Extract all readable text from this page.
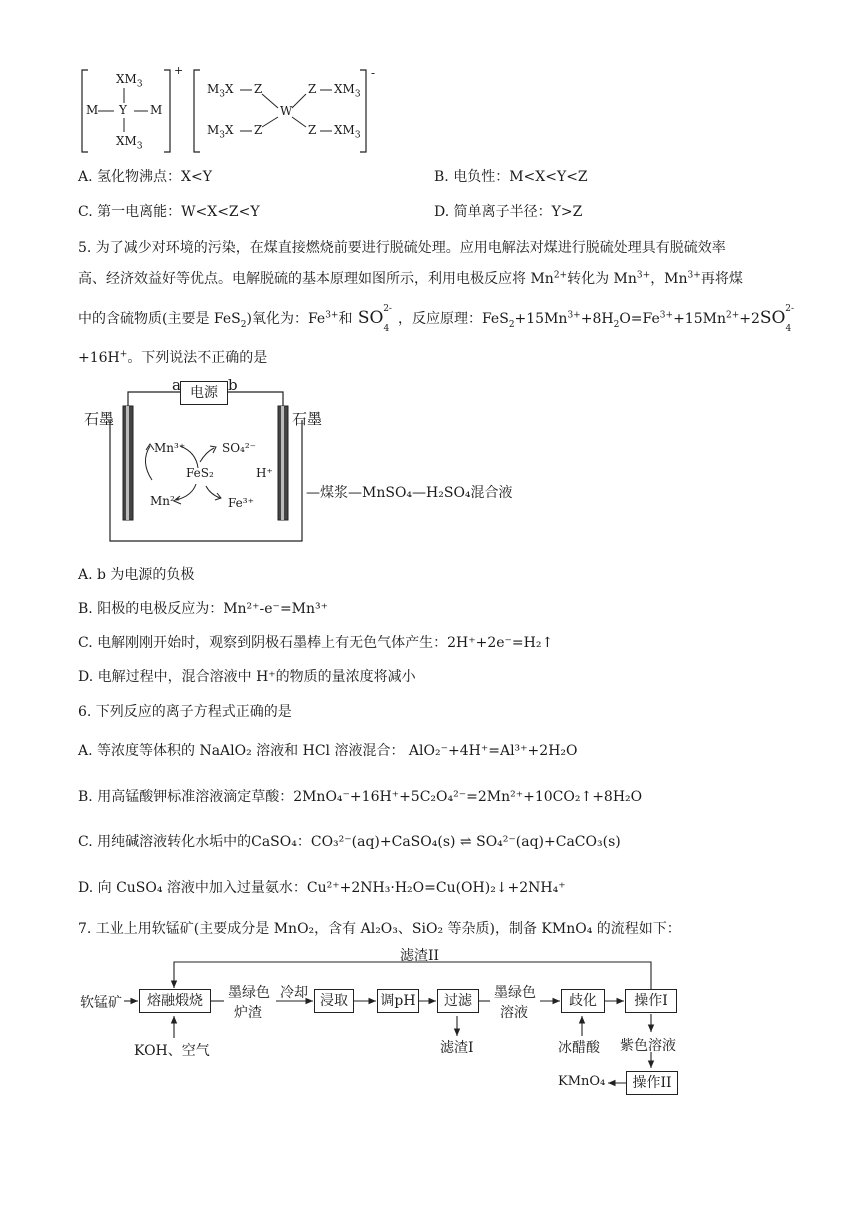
$XM_3$
M Y M
$XM_3$
+
$M_3X$
$M_3X$
Z
Z
W
Z
Z
$XM_3$
$XM_3$
-
A. 氢化物沸点：X<Y	B. 电负性：M<X<Y<Z
C. 第一电离能：W<X<Z<Y	D. 简单离子半径：Y>Z
5. 为了减少对环境的污染，在煤直接燃烧前要进行脱硫处理。应用电解法对煤进行脱硫处理具有脱硫效率
高、经济效益好等优点。电解脱硫的基本原理如图所示，利用电极反应将 $Mn^{2+}$转化为 $Mn^{3+}$，$Mn^{3+}$再将煤
中的含硫物质(主要是 FeS$_2$)氧化为：$Fe^{3+}$和 $SO_4^{2-}$，反应原理：$FeS_2+15Mn^{3+}+8H_2O=Fe^{3+}+15Mn^{2+}+2SO_4^{2-}$
+16H+。下列说法不正确的是
电源
a	b
石墨	石墨
Mn³⁺	SO₄²⁻
FeS₂	H⁺
Mn²⁺	Fe³⁺
—煤浆—MnSO₄—H₂SO₄混合液
A. b 为电源的负极
B. 阳极的电极反应为：Mn²⁺-e⁻=Mn³⁺
C. 电解刚刚开始时，观察到阴极石墨棒上有无色气体产生：2H⁺+2e⁻=H₂↑
D. 电解过程中，混合溶液中 H⁺的物质的量浓度将减小
6. 下列反应的离子方程式正确的是
A. 等浓度等体积的 NaAlO₂ 溶液和 HCl 溶液混合： AlO₂⁻+4H⁺=Al³⁺+2H₂O
B. 用高锰酸钾标准溶液滴定草酸：2MnO₄⁻+16H⁺+5C₂O₄²⁻=2Mn²⁺+10CO₂↑+8H₂O
C. 用纯碱溶液转化水垢中的CaSO₄：CO₃²⁻(aq)+CaSO₄(s) ⇌ SO₄²⁻(aq)+CaCO₃(s)
D. 向 CuSO₄ 溶液中加入过量氨水：Cu²⁺+2NH₃·H₂O=Cu(OH)₂↓+2NH₄⁺
7. 工业上用软锰矿(主要成分是 MnO₂，含有 Al₂O₃、SiO₂ 等杂质)，制备 KMnO₄ 的流程如下：
滤渣II
软锰矿	熔融煅烧	墨绿色
炉渣
冷却 浸取	调pH	过滤	墨绿色
溶液
歧化	操作I
KOH、空气	滤渣I	冰醋酸 紫色溶液
KMnO₄	操作II
